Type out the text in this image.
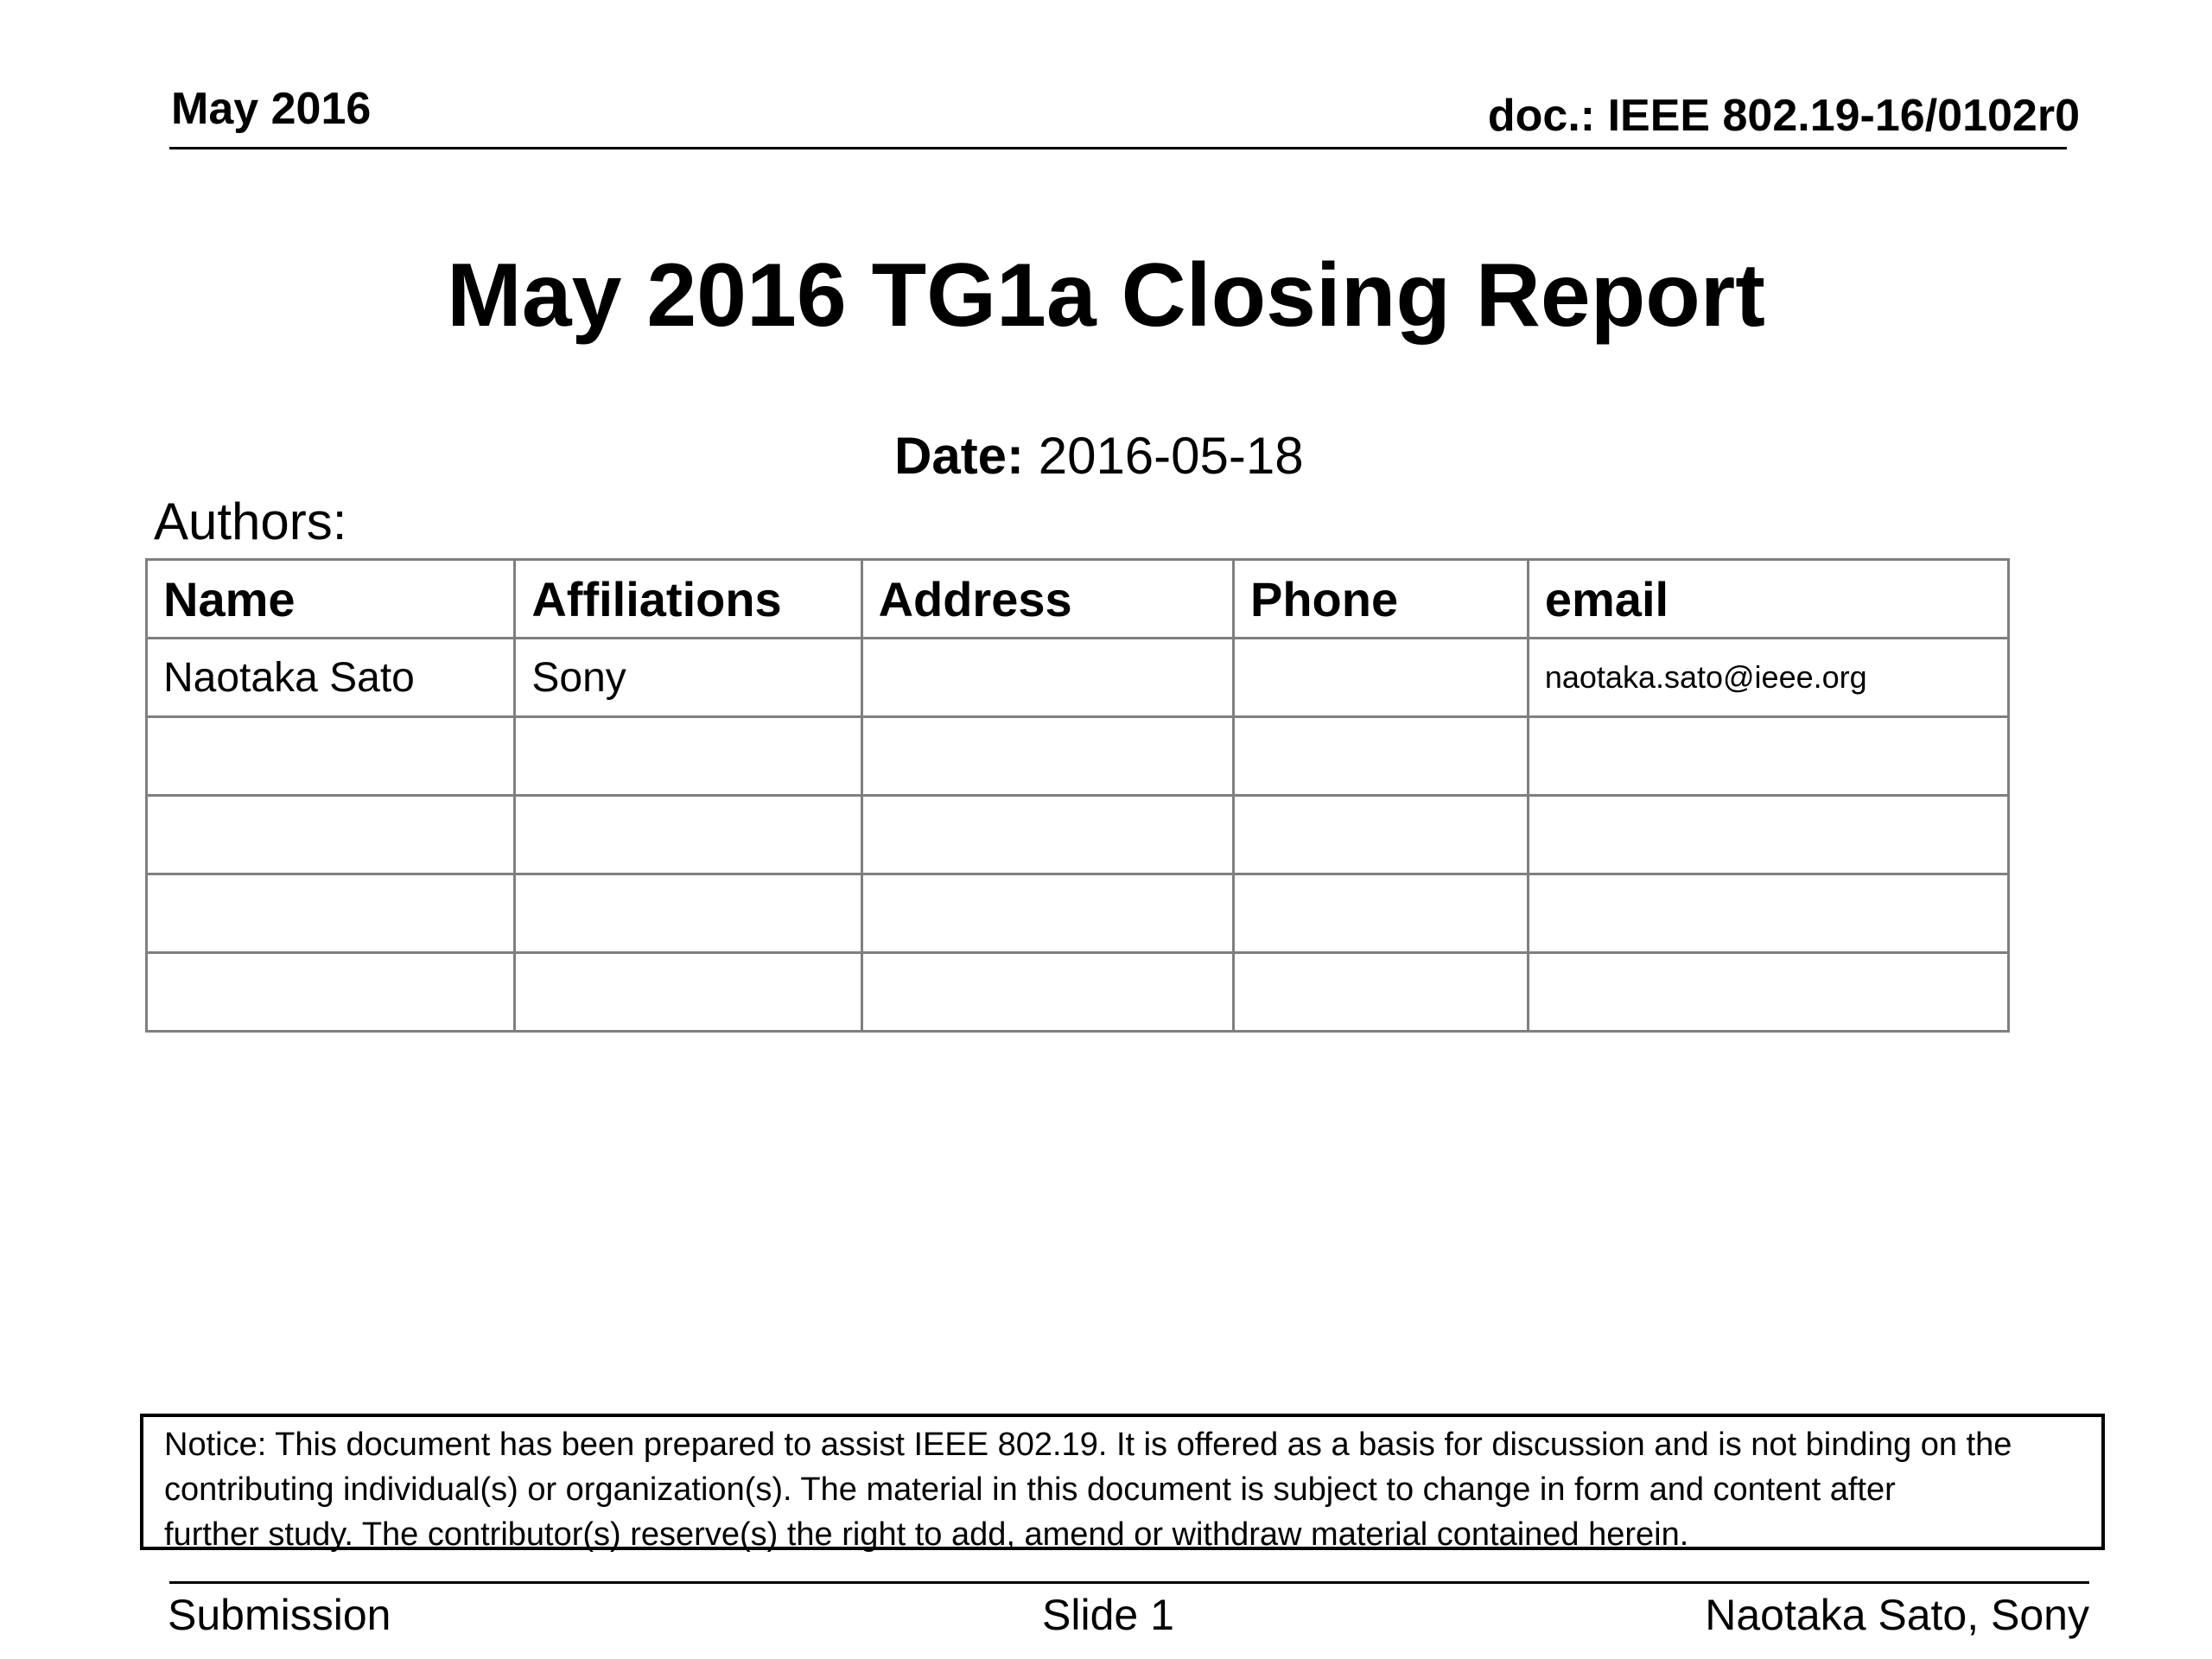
May 2016	doc.: IEEE 802.19-16/0102r0
May 2016 TG1a Closing Report
Date: 2016-05-18
Authors:
Name	Affiliations	Address	Phone	email
Naotaka Sato	Sony			naotaka.sato@ieee.org

Notice: This document has been prepared to assist IEEE 802.19. It is offered as a basis for discussion and is not binding on the
contributing individual(s) or organization(s). The material in this document is subject to change in form and content after
further study. The contributor(s) reserve(s) the right to add, amend or withdraw material contained herein.
Submission	Slide 1	Naotaka Sato, Sony
